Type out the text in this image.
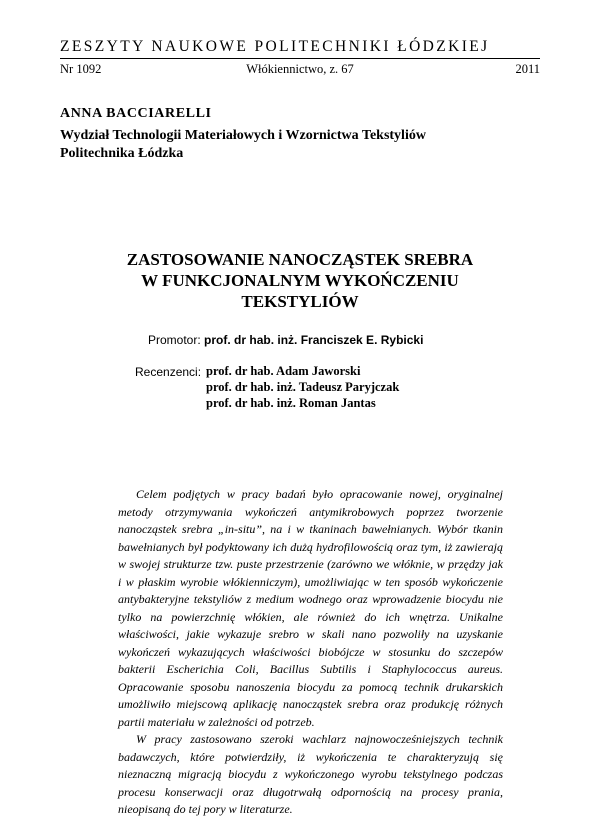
ZESZYTY NAUKOWE POLITECHNIKI ŁÓDZKIEJ
Nr 1092	Włókiennictwo, z. 67	2011
ANNA BACCIARELLI
Wydział Technologii Materiałowych i Wzornictwa Tekstyliów
Politechnika Łódzka
ZASTOSOWANIE NANOCZĄSTEK SREBRA
W FUNKCJONALNYM WYKOŃCZENIU
TEKSTYLIÓW
Promotor: prof. dr hab. inż. Franciszek E. Rybicki
Recenzenci: prof. dr hab. Adam Jaworski
prof. dr hab. inż. Tadeusz Paryjczak
prof. dr hab. inż. Roman Jantas

Celem podjętych w pracy badań było opracowanie nowej, oryginalnej metody otrzymywania wykończeń antymikrobowych poprzez tworzenie nanocząstek srebra „in-situ”, na i w tkaninach bawełnianych. Wybór tkanin bawełnianych był podyktowany ich dużą hydrofilowością oraz tym, iż zawierają w swojej strukturze tzw. puste przestrzenie (zarówno we włóknie, w przędzy jak i w płaskim wyrobie włókienniczym), umożliwiając w ten sposób wykończenie antybakteryjne tekstyliów z medium wodnego oraz wprowadzenie biocydu nie tylko na powierzchnię włókien, ale również do ich wnętrza. Unikalne właściwości, jakie wykazuje srebro w skali nano pozwoliły na uzyskanie wykończeń wykazujących właściwości biobójcze w stosunku do szczepów bakterii Escherichia Coli, Bacillus Subtilis i Staphylococcus aureus. Opracowanie sposobu nanoszenia biocydu za pomocą technik drukarskich umożliwiło miejscową aplikację nanocząstek srebra oraz produkcję różnych partii materiału w zależności od potrzeb.

W pracy zastosowano szeroki wachlarz najnowocześniejszych technik badawczych, które potwierdziły, iż wykończenia te charakteryzują się nieznaczną migracją biocydu z wykończonego wyrobu tekstylnego podczas procesu konserwacji oraz długotrwałą odpornością na procesy prania, nieopisaną do tej pory w literaturze.
